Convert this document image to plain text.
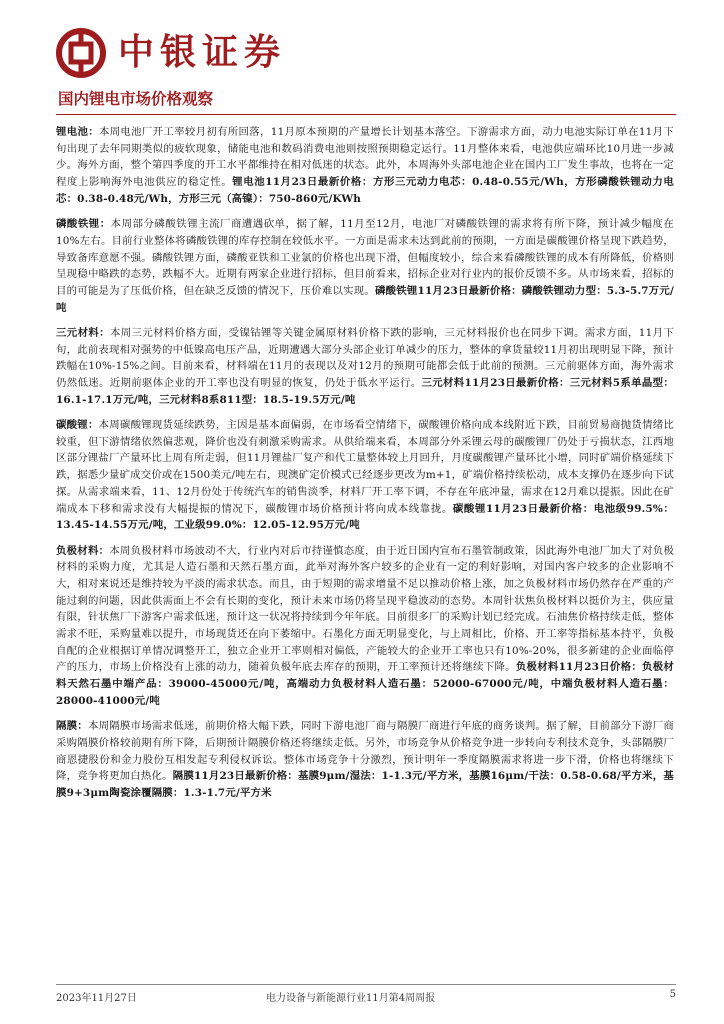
中银证券
国内锂电市场价格观察

锂电池：本周电池厂开工率较月初有所回落，11月原本预期的产量增长计划基本落空。下游需求方面，动力电池实际订单在11月下旬出现了去年同期类似的疲软现象，储能电池和数码消费电池则按照预期稳定运行。11月整体来看，电池供应端环比10月进一步减少。海外方面，整个第四季度的开工水平都维持在相对低迷的状态。此外，本周海外头部电池企业在国内工厂发生事故，也将在一定程度上影响海外电池供应的稳定性。锂电池11月23日最新价格：方形三元动力电芯：0.48-0.55元/Wh，方形磷酸铁锂动力电芯：0.38-0.48元/Wh，方形三元（高镍）：750-860元/KWh

磷酸铁锂：本周部分磷酸铁锂主流厂商遭遇砍单，据了解，11月至12月，电池厂对磷酸铁锂的需求将有所下降，预计减少幅度在10%左右。目前行业整体将磷酸铁锂的库存控制在较低水平。一方面是需求未达到此前的预期，一方面是碳酸锂价格呈现下跌趋势，导致备库意愿不强。磷酸铁锂方面，磷酸亚铁和工业氯的价格也出现下滑，但幅度较小，综合来看磷酸铁锂的成本有所降低，价格则呈现稳中略跌的态势，跌幅不大。近期有两家企业进行招标，但目前看来，招标企业对行业内的报价反馈不多。从市场来看，招标的目的可能是为了压低价格，但在缺乏反馈的情况下，压价难以实现。磷酸铁锂11月23日最新价格：磷酸铁锂动力型：5.3-5.7万元/吨

三元材料：本周三元材料价格方面，受镍钴锂等关键金属原材料价格下跌的影响，三元材料报价也在同步下调。需求方面，11月下旬，此前表现相对强势的中低镍高电压产品，近期遭遇大部分头部企业订单减少的压力，整体的拿货量较11月初出现明显下降，预计跌幅在10%-15%之间。目前来看，材料端在11月的表现以及对12月的预期可能都会低于此前的预测。三元前驱体方面，海外需求仍然低迷。近期前驱体企业的开工率也没有明显的恢复，仍处于低水平运行。三元材料11月23日最新价格：三元材料5系单晶型：16.1-17.1万元/吨，三元材料8系811型：18.5-19.5万元/吨

碳酸锂：本周碳酸锂现货延续跌势，主因是基本面偏弱，在市场看空情绪下，碳酸锂价格向成本线附近下跌，目前贸易商抛货情绪比较重，但下游情绪依然偏悲观，降价也没有刺激采购需求。从供给端来看，本周部分外采锂云母的碳酸锂厂仍处于亏损状态，江西地区部分锂盐厂产量环比上周有所走弱，但11月锂盐厂复产和代工量整体较上月回升，月度碳酸锂产量环比小增，同时矿端价格延续下跌，据悉少量矿成交价或在1500美元/吨左右，现澳矿定价模式已经逐步更改为m+1，矿端价格持续松动，成本支撑仍在逐步向下试探。从需求端来看，11、12月份处于传统汽车的销售淡季，材料厂开工率下调，不存在年底冲量，需求在12月难以提振。因此在矿端成本下移和需求没有大幅提振的情况下，碳酸锂市场价格预计将向成本线靠拢。碳酸锂11月23日最新价格：电池级99.5%：13.45-14.55万元/吨，工业级99.0%：12.05-12.95万元/吨

负极材料：本周负极材料市场波动不大，行业内对后市持谨慎态度，由于近日国内宣布石墨管制政策，因此海外电池厂加大了对负极材料的采购力度，尤其是人造石墨和天然石墨方面，此举对海外客户较多的企业有一定的利好影响，对国内客户较多的企业影响不大，相对来说还是维持较为平淡的需求状态。而且，由于短期的需求增量不足以推动价格上涨，加之负极材料市场仍然存在严重的产能过剩的问题，因此供需面上不会有长期的变化，预计未来市场仍将呈现平稳波动的态势。本周针状焦负极材料以挺价为主，供应量有限，针状焦厂下游客户需求低迷，预计这一状况将持续到今年年底。目前很多厂的采购计划已经完成。石油焦价格持续走低，整体需求不旺，采购量难以提升，市场现货还在向下萎缩中。石墨化方面无明显变化，与上周相比，价格、开工率等指标基本持平，负极自配的企业根据订单情况调整开工，独立企业开工率则相对偏低，产能较大的企业开工率也只有10%-20%，很多新建的企业面临停产的压力，市场上价格没有上涨的动力，随着负极年底去库存的预期，开工率预计还将继续下降。负极材料11月23日价格：负极材料天然石墨中端产品：39000-45000元/吨，高端动力负极材料人造石墨：52000-67000元/吨，中端负极材料人造石墨：28000-41000元/吨

隔膜：本周隔膜市场需求低迷，前期价格大幅下跌，同时下游电池厂商与隔膜厂商进行年底的商务谈判。据了解，目前部分下游厂商采购隔膜价格较前期有所下降，后期预计隔膜价格还将继续走低。另外，市场竞争从价格竞争进一步转向专利技术竞争，头部隔膜厂商恩捷股份和金力股份互相发起专利侵权诉讼。整体市场竞争十分激烈，预计明年一季度隔膜需求将进一步下滑，价格也将继续下降，竞争将更加白热化。隔膜11月23日最新价格：基膜9μm/湿法：1-1.3元/平方米，基膜16μm/干法：0.58-0.68/平方米，基膜9+3μm陶瓷涂覆隔膜：1.3-1.7元/平方米

2023年11月27日	电力设备与新能源行业11月第4周周报	5
